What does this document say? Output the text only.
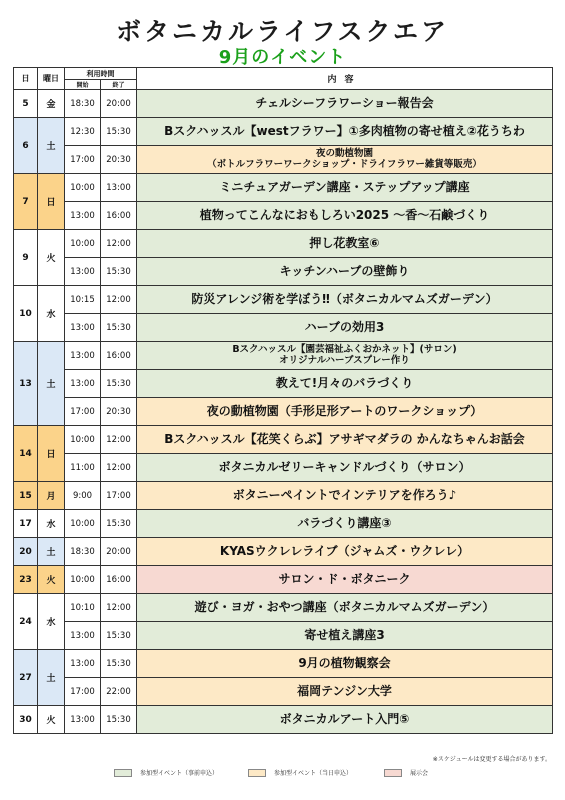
ボタニカルライフスクエア
9月のイベント
日	曜日	利用時間		内容
		開始	終了	
5	金	18:30	20:00	チェルシーフラワーショー報告会
6	土	12:30	15:30	Bスクハッスル【westフラワー】①多肉植物の寄せ植え②花うちわ
		17:00	20:30	夜の動植物園
（ボトルフラワーワークショップ・ドライフラワー雑貨等販売）

7	日	10:00	13:00	ミニチュアガーデン講座・ステップアップ講座
		13:00	16:00	植物ってこんなにおもしろい2025 〜香〜石鹸づくり
9	火	10:00	12:00	押し花教室⑥
		13:00	15:30	キッチンハーブの壁飾り
10	水	10:15	12:00	防災アレンジ術を学ぼう‼（ボタニカルマムズガーデン）
		13:00	15:30	ハーブの効用3
13	土	13:00	16:00	Bスクハッスル【園芸福祉ふくおかネット】(サロン)
オリジナルハーブスプレー作り

		13:00	15:30	教えて!月々のバラづくり
		17:00	20:30	夜の動植物園（手形足形アートのワークショップ）
14	日	10:00	12:00	Bスクハッスル【花笑くらぶ】アサギマダラの かんなちゃんお話会
		11:00	12:00	ボタニカルゼリーキャンドルづくり（サロン）
15	月	9:00	17:00	ボタニーペイントでインテリアを作ろう♪
17	水	10:00	15:30	バラづくり講座③
20	土	18:30	20:00	KYASウクレレライブ（ジャムズ・ウクレレ）
23	火	10:00	16:00	サロン・ド・ボタニーク
24	水	10:10	12:00	遊び・ヨガ・おやつ講座（ボタニカルマムズガーデン）
		13:00	15:30	寄せ植え講座3
27	土	13:00	15:30	9月の植物観察会
		17:00	22:00	福岡テンジン大学
30	火	13:00	15:30	ボタニカルアート入門⑤
※スケジュールは変更する場合があります。
参加型イベント（事前申込）	参加型イベント（当日申込）	展示会
